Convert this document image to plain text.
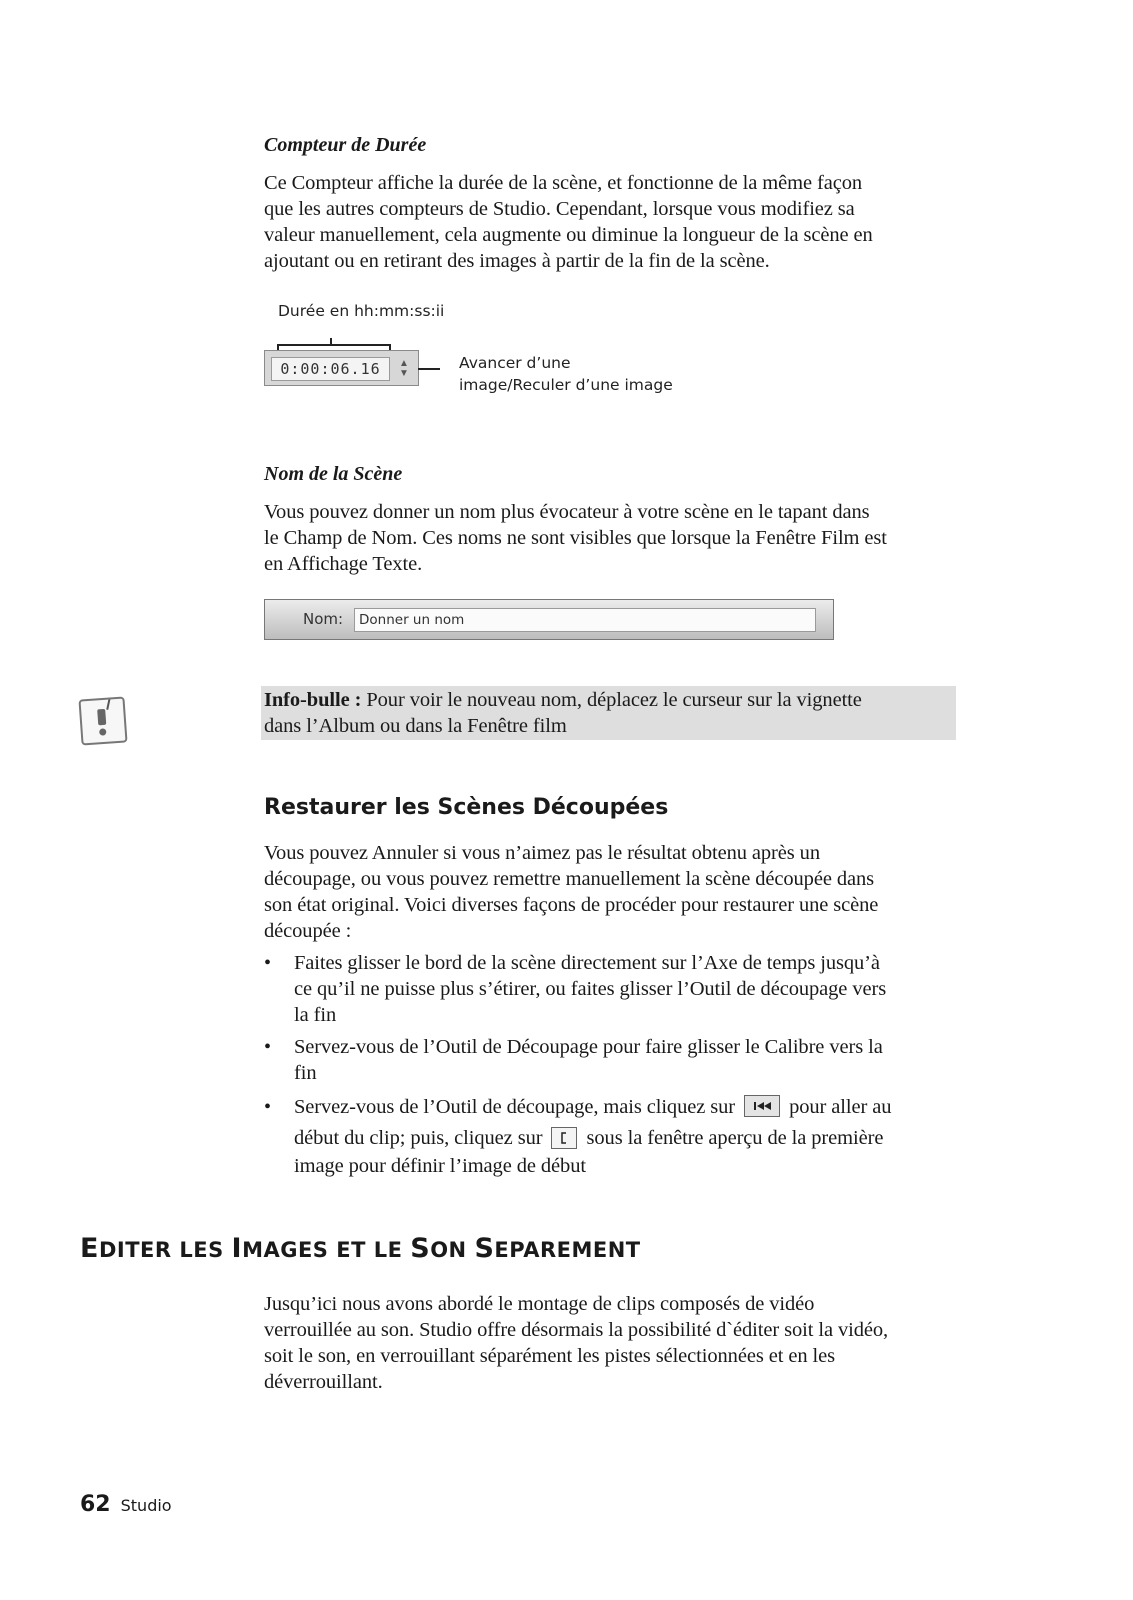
Compteur de Durée

Ce Compteur affiche la durée de la scène, et fonctionne de la même façon

que les autres compteurs de Studio. Cependant, lorsque vous modifiez sa

valeur manuellement, cela augmente ou diminue la longueur de la scène en

ajoutant ou en retirant des images à partir de la fin de la scène.

Durée en hh:mm:ss:ii
0:00:06.16	▲
▼
Avancer d’une
image/Reculer d’une image
Nom de la Scène

Vous pouvez donner un nom plus évocateur à votre scène en le tapant dans

le Champ de Nom. Ces noms ne sont visibles que lorsque la Fenêtre Film est

en Affichage Texte.

Nom:	Donner un nom
Info-bulle : Pour voir le nouveau nom, déplacez le curseur sur la vignette
dans l’Album ou dans la Fenêtre film
Restaurer les Scènes Découpées

Vous pouvez Annuler si vous n’aimez pas le résultat obtenu après un

découpage, ou vous pouvez remettre manuellement la scène découpée dans

son état original. Voici diverses façons de procéder pour restaurer une scène

découpée :

• Faites glisser le bord de la scène directement sur l’Axe de temps jusqu’à

ce qu’il ne puisse plus s’étirer, ou faites glisser l’Outil de découpage vers

la fin

• Servez-vous de l’Outil de Découpage pour faire glisser le Calibre vers la

fin

• Servez-vous de l’Outil de découpage, mais cliquez sur	pour aller au

début du clip; puis, cliquez sur sous la fenêtre aperçu de la première

image pour définir l’image de début

EDITER LES IMAGES ET LE SON SEPAREMENT

Jusqu’ici nous avons abordé le montage de clips composés de vidéo

verrouillée au son. Studio offre désormais la possibilité d`éditer soit la vidéo,

soit le son, en verrouillant séparément les pistes sélectionnées et en les

déverrouillant.

62 Studio
